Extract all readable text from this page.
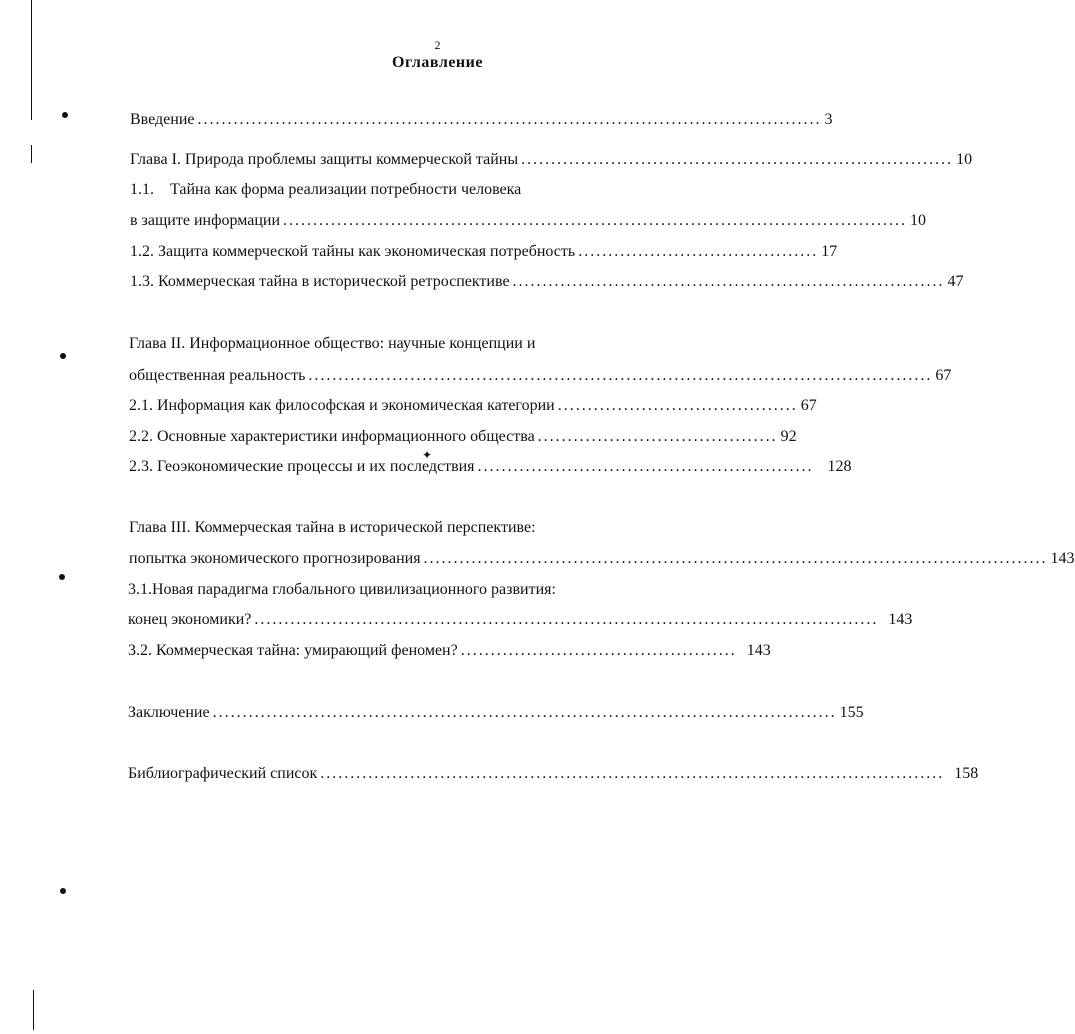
2
Оглавление
Введение ........................................................................................................ 3
Глава I. Природа проблемы защиты коммерческой тайны ........................................................................ 10
1.1.    Тайна как форма реализации потребности человека
в защите информации ........................................................................................................ 10
1.2. Защита коммерческой тайны как экономическая потребность ........................................ 17
1.3. Коммерческая тайна в исторической ретроспективе ........................................................................ 47
Глава II. Информационное общество: научные концепции и
общественная реальность ........................................................................................................ 67
2.1. Информация как философская и экономическая категории ........................................ 67
2.2. Основные характеристики информационного общества ........................................ 92
2.3. Геоэкономические процессы и их последствия ........................................................ 128
✦
Глава III. Коммерческая тайна в исторической перспективе:
попытка экономического прогнозирования ........................................................................................................ 143
3.1.Новая парадигма глобального цивилизационного развития:
конец экономики? ........................................................................................................ 143
3.2. Коммерческая тайна: умирающий феномен? .............................................. 143
Заключение ........................................................................................................ 155
Библиографический список ........................................................................................................ 158
